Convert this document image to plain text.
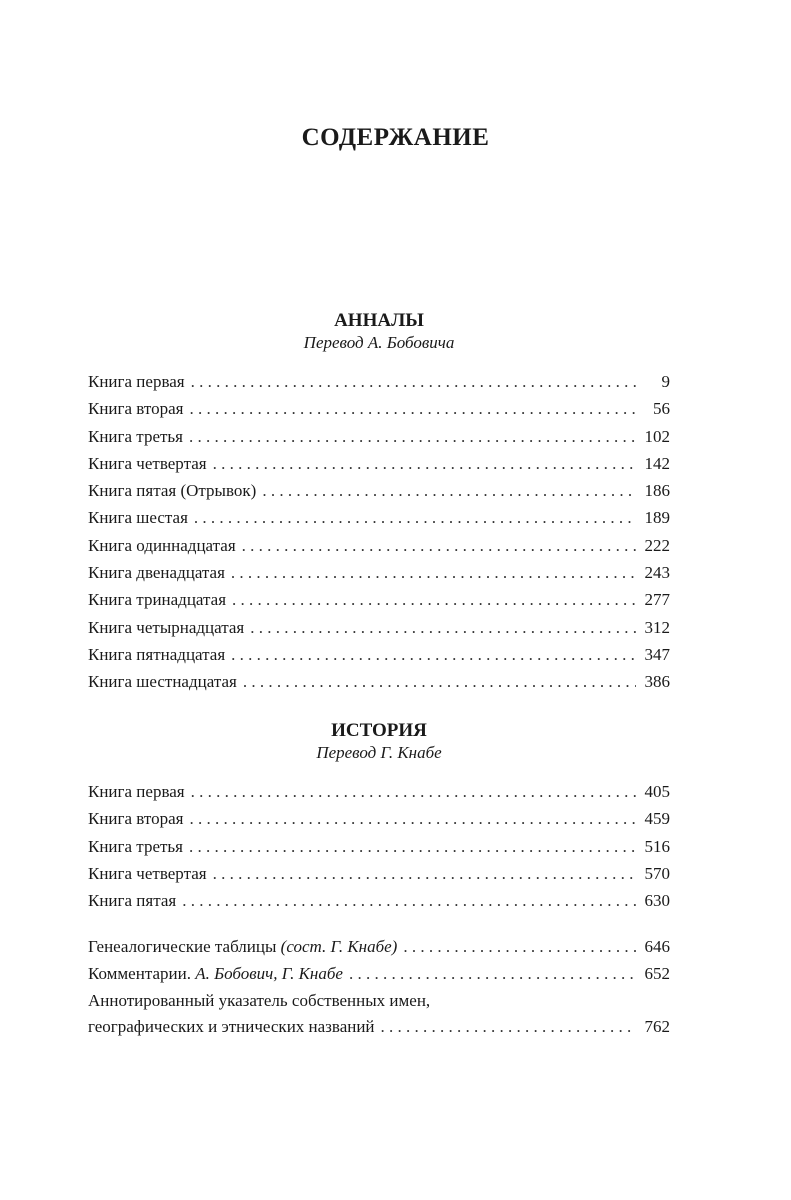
СОДЕРЖАНИЕ
АННАЛЫ

Перевод А. Бобовича

Книга первая . . .	9
Книга вторая . . .	56
Книга третья . . .	102
Книга четвертая . . .	142
Книга пятая (Отрывок) . . .	186
Книга шестая . . .	189
Книга одиннадцатая . . .	222
Книга двенадцатая . . .	243
Книга тринадцатая . . .	277
Книга четырнадцатая . . .	312
Книга пятнадцатая . . .	347
Книга шестнадцатая . . .	386
ИСТОРИЯ

Перевод Г. Кнабе

Книга первая . . .	405
Книга вторая . . .	459
Книга третья . . .	516
Книга четвертая . . .	570
Книга пятая . . .	630
Генеалогические таблицы (сост. Г. Кнабе) . . .	646
Комментарии. А. Бобович, Г. Кнабе . . .	652
Аннотированный указатель собственных имен,
географических и этнических названий . . .	762
